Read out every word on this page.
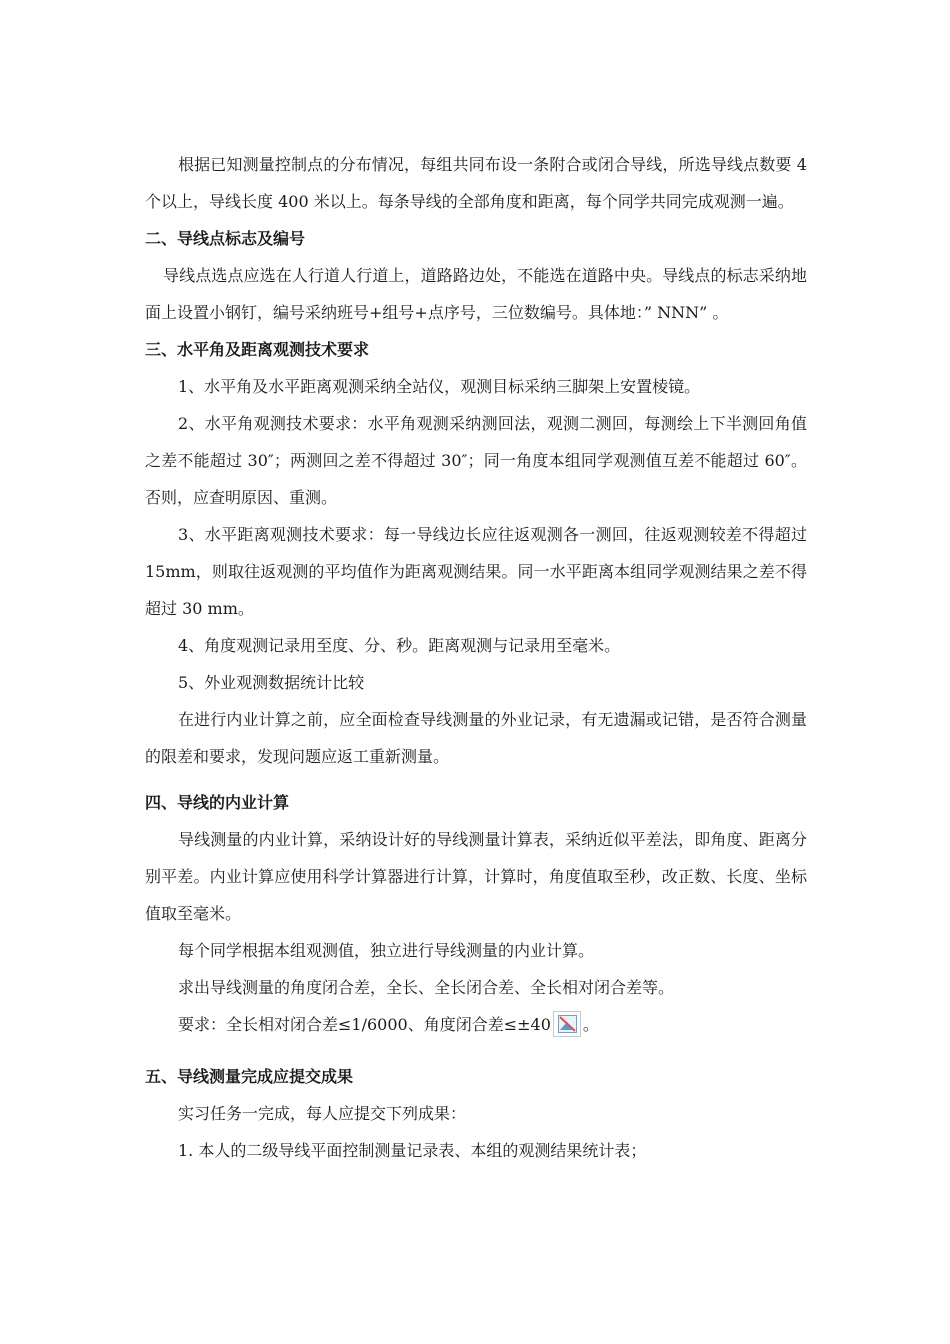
根据已知测量控制点的分布情况，每组共同布设一条附合或闭合导线，所选导线点数要 4 个以上，导线长度 400 米以上。每条导线的全部角度和距离，每个同学共同完成观测一遍。

二、导线点标志及编号

导线点选点应选在人行道人行道上，道路路边处，不能选在道路中央。导线点的标志采纳地面上设置小钢钉，编号采纳班号+组号+点序号，三位数编号。具体地：” NNN” 。

三、水平角及距离观测技术要求

1、水平角及水平距离观测采纳全站仪，观测目标采纳三脚架上安置棱镜。

2、水平角观测技术要求：水平角观测采纳测回法，观测二测回，每测绘上下半测回角值之差不能超过 30″；两测回之差不得超过 30″；同一角度本组同学观测值互差不能超过 60″。否则，应查明原因、重测。

3、水平距离观测技术要求：每一导线边长应往返观测各一测回，往返观测较差不得超过 15mm，则取往返观测的平均值作为距离观测结果。同一水平距离本组同学观测结果之差不得超过 30 mm。

4、角度观测记录用至度、分、秒。距离观测与记录用至毫米。

5、外业观测数据统计比较

在进行内业计算之前，应全面检查导线测量的外业记录，有无遗漏或记错，是否符合测量的限差和要求，发现问题应返工重新测量。

四、导线的内业计算

导线测量的内业计算，采纳设计好的导线测量计算表，采纳近似平差法，即角度、距离分别平差。内业计算应使用科学计算器进行计算，计算时，角度值取至秒，改正数、长度、坐标值取至毫米。

每个同学根据本组观测值，独立进行导线测量的内业计算。

求出导线测量的角度闭合差，全长、全长闭合差、全长相对闭合差等。

要求：全长相对闭合差≤1/6000、角度闭合差≤±40 。

五、导线测量完成应提交成果

实习任务一完成，每人应提交下列成果：

1. 本人的二级导线平面控制测量记录表、本组的观测结果统计表；
